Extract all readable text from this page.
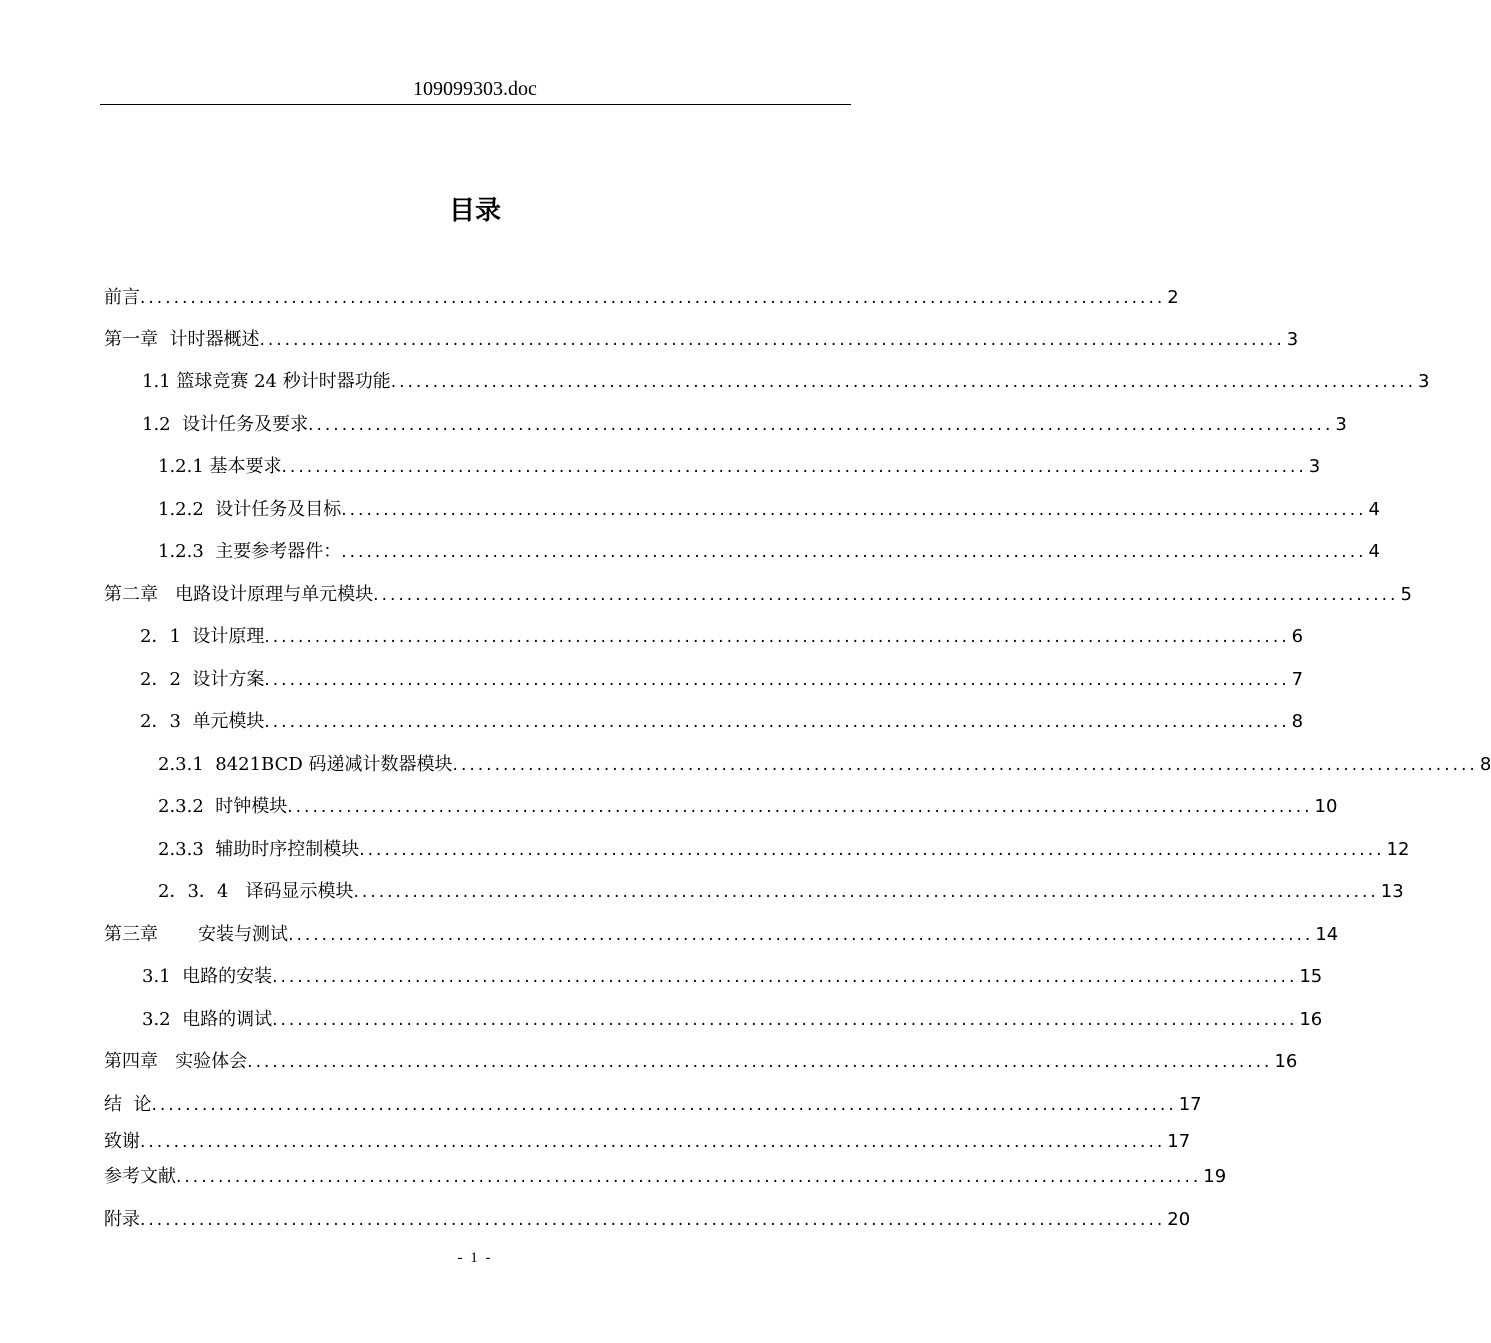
109099303.doc
目录
前言 .......................................................................................................................... 2
第一章  计时器概述 .......................................................................................................................... 3
1.1 篮球竞赛 24 秒计时器功能 .......................................................................................................................... 3
1.2  设计任务及要求 .......................................................................................................................... 3
1.2.1 基本要求 .......................................................................................................................... 3
1.2.2  设计任务及目标 .......................................................................................................................... 4
1.2.3  主要参考器件： .......................................................................................................................... 4
第二章   电路设计原理与单元模块 .......................................................................................................................... 5
2．1  设计原理 .......................................................................................................................... 6
2．2  设计方案 .......................................................................................................................... 7
2．3  单元模块 .......................................................................................................................... 8
2.3.1  8421BCD 码递减计数器模块 .......................................................................................................................... 8
2.3.2  时钟模块 .......................................................................................................................... 10
2.3.3  辅助时序控制模块 .......................................................................................................................... 12
2．3．4   译码显示模块 .......................................................................................................................... 13
第三章       安装与测试 .......................................................................................................................... 14
3.1  电路的安装 .......................................................................................................................... 15
3.2  电路的调试 .......................................................................................................................... 16
第四章   实验体会 .......................................................................................................................... 16
结  论 .......................................................................................................................... 17
致谢 .......................................................................................................................... 17
参考文献 .......................................................................................................................... 19
附录 .......................................................................................................................... 20
- 1 -
